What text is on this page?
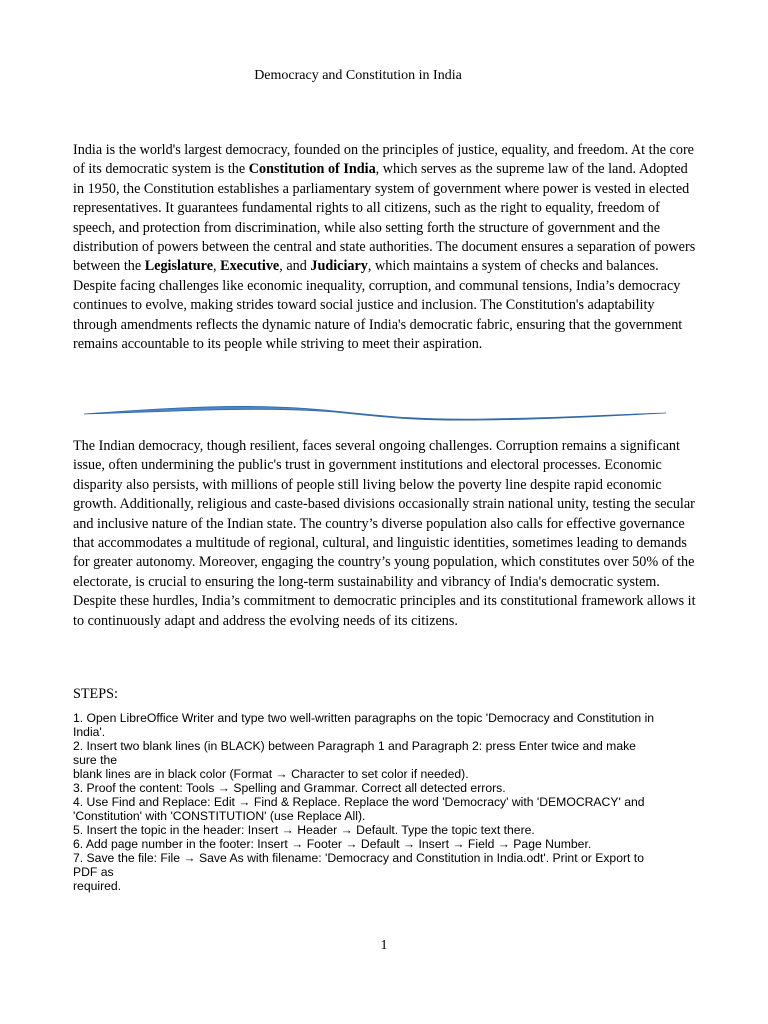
Democracy and Constitution in India

India is the world's largest democracy, founded on the principles of justice, equality, and freedom. At the core of its democratic system is the Constitution of India, which serves as the supreme law of the land. Adopted in 1950, the Constitution establishes a parliamentary system of government where power is vested in elected representatives. It guarantees fundamental rights to all citizens, such as the right to equality, freedom of speech, and protection from discrimination, while also setting forth the structure of government and the distribution of powers between the central and state authorities. The document ensures a separation of powers between the Legislature, Executive, and Judiciary, which maintains a system of checks and balances. Despite facing challenges like economic inequality, corruption, and communal tensions, India’s democracy continues to evolve, making strides toward social justice and inclusion. The Constitution's adaptability through amendments reflects the dynamic nature of India's democratic fabric, ensuring that the government remains accountable to its people while striving to meet their aspiration.

The Indian democracy, though resilient, faces several ongoing challenges. Corruption remains a significant issue, often undermining the public's trust in government institutions and electoral processes. Economic disparity also persists, with millions of people still living below the poverty line despite rapid economic growth. Additionally, religious and caste-based divisions occasionally strain national unity, testing the secular and inclusive nature of the Indian state. The country’s diverse population also calls for effective governance that accommodates a multitude of regional, cultural, and linguistic identities, sometimes leading to demands for greater autonomy. Moreover, engaging the country’s young population, which constitutes over 50% of the electorate, is crucial to ensuring the long-term sustainability and vibrancy of India's democratic system. Despite these hurdles, India’s commitment to democratic principles and its constitutional framework allows it to continuously adapt and address the evolving needs of its citizens.

STEPS:
1. Open LibreOffice Writer and type two well-written paragraphs on the topic 'Democracy and Constitution in
India'.
2. Insert two blank lines (in BLACK) between Paragraph 1 and Paragraph 2: press Enter twice and make
sure the
blank lines are in black color (Format → Character to set color if needed).
3. Proof the content: Tools → Spelling and Grammar. Correct all detected errors.
4. Use Find and Replace: Edit → Find & Replace. Replace the word 'Democracy' with 'DEMOCRACY' and
'Constitution' with 'CONSTITUTION' (use Replace All).
5. Insert the topic in the header: Insert → Header → Default. Type the topic text there.
6. Add page number in the footer: Insert → Footer → Default → Insert → Field → Page Number.
7. Save the file: File → Save As with filename: 'Democracy and Constitution in India.odt'. Print or Export to
PDF as
required.
1
